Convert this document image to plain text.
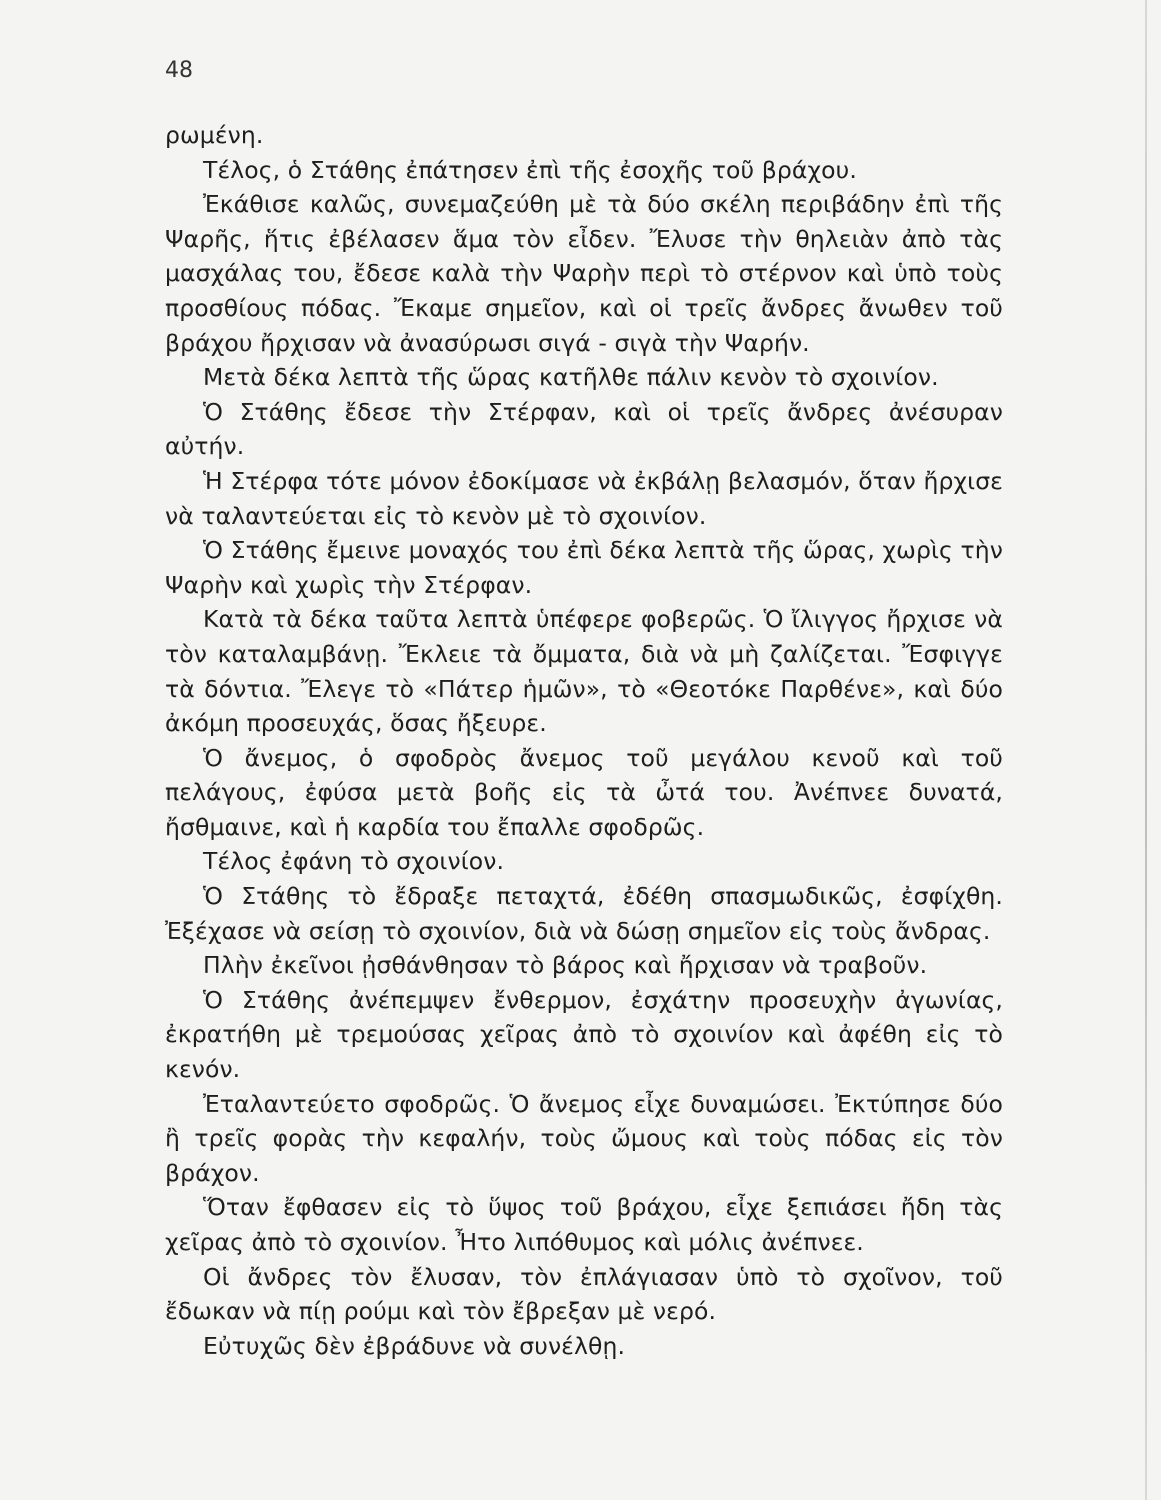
48

ρωμένη.

Τέλος, ὁ Στάθης ἐπάτησεν ἐπὶ τῆς ἐσοχῆς τοῦ βράχου.

Ἐκάθισε καλῶς, συνεμαζεύθη μὲ τὰ δύο σκέλη περιβάδην ἐπὶ τῆς Ψαρῆς, ἥτις ἐβέλασεν ἅμα τὸν εἶδεν. Ἔλυσε τὴν θηλειὰν ἀπὸ τὰς μασχάλας του, ἔδεσε καλὰ τὴν Ψαρὴν περὶ τὸ στέρνον καὶ ὑπὸ τοὺς προσθίους πόδας. Ἔκαμε σημεῖον, καὶ οἱ τρεῖς ἄνδρες ἄνωθεν τοῦ βράχου ἤρχισαν νὰ ἀνασύρωσι σιγά - σιγὰ τὴν Ψαρήν.

Μετὰ δέκα λεπτὰ τῆς ὥρας κατῆλθε πάλιν κενὸν τὸ σχοινίον.

Ὁ Στάθης ἔδεσε τὴν Στέρφαν, καὶ οἱ τρεῖς ἄνδρες ἀνέσυραν αὐτήν.

Ἡ Στέρφα τότε μόνον ἐδοκίμασε νὰ ἐκβάλῃ βελασμόν, ὅταν ἤρχισε νὰ ταλαντεύεται εἰς τὸ κενὸν μὲ τὸ σχοινίον.

Ὁ Στάθης ἔμεινε μοναχός του ἐπὶ δέκα λεπτὰ τῆς ὥρας, χωρὶς τὴν Ψαρὴν καὶ χωρὶς τὴν Στέρφαν.

Κατὰ τὰ δέκα ταῦτα λεπτὰ ὑπέφερε φοβερῶς. Ὁ ἴλιγγος ἤρχισε νὰ τὸν καταλαμβάνῃ. Ἔκλειε τὰ ὄμματα, διὰ νὰ μὴ ζαλίζεται. Ἔσφιγγε τὰ δόντια. Ἔλεγε τὸ «Πάτερ ἡμῶν», τὸ «Θεοτόκε Παρθένε», καὶ δύο ἀκόμη προσευχάς, ὅσας ἤξευρε.

Ὁ ἄνεμος, ὁ σφοδρὸς ἄνεμος τοῦ μεγάλου κενοῦ καὶ τοῦ πελάγους, ἐφύσα μετὰ βοῆς εἰς τὰ ὦτά του. Ἀνέπνεε δυνατά, ἤσθμαινε, καὶ ἡ καρδία του ἔπαλλε σφοδρῶς.

Τέλος ἐφάνη τὸ σχοινίον.

Ὁ Στάθης τὸ ἔδραξε πεταχτά, ἐδέθη σπασμωδικῶς, ἐσφίχθη. Ἐξέχασε νὰ σείσῃ τὸ σχοινίον, διὰ νὰ δώσῃ σημεῖον εἰς τοὺς ἄνδρας.

Πλὴν ἐκεῖνοι ᾐσθάνθησαν τὸ βάρος καὶ ἤρχισαν νὰ τραβοῦν.

Ὁ Στάθης ἀνέπεμψεν ἔνθερμον, ἐσχάτην προσευχὴν ἀγωνίας, ἐκρατήθη μὲ τρεμούσας χεῖρας ἀπὸ τὸ σχοινίον καὶ ἀφέθη εἰς τὸ κενόν.

Ἐταλαντεύετο σφοδρῶς. Ὁ ἄνεμος εἶχε δυναμώσει. Ἐκτύπησε δύο ἢ τρεῖς φορὰς τὴν κεφαλήν, τοὺς ὤμους καὶ τοὺς πόδας εἰς τὸν βράχον.

Ὅταν ἔφθασεν εἰς τὸ ὕψος τοῦ βράχου, εἶχε ξεπιάσει ἤδη τὰς χεῖρας ἀπὸ τὸ σχοινίον. Ἦτο λιπόθυμος καὶ μόλις ἀνέπνεε.

Οἱ ἄνδρες τὸν ἔλυσαν, τὸν ἐπλάγιασαν ὑπὸ τὸ σχοῖνον, τοῦ ἔδωκαν νὰ πίῃ ρούμι καὶ τὸν ἔβρεξαν μὲ νερό.

Εὐτυχῶς δὲν ἐβράδυνε νὰ συνέλθῃ.
